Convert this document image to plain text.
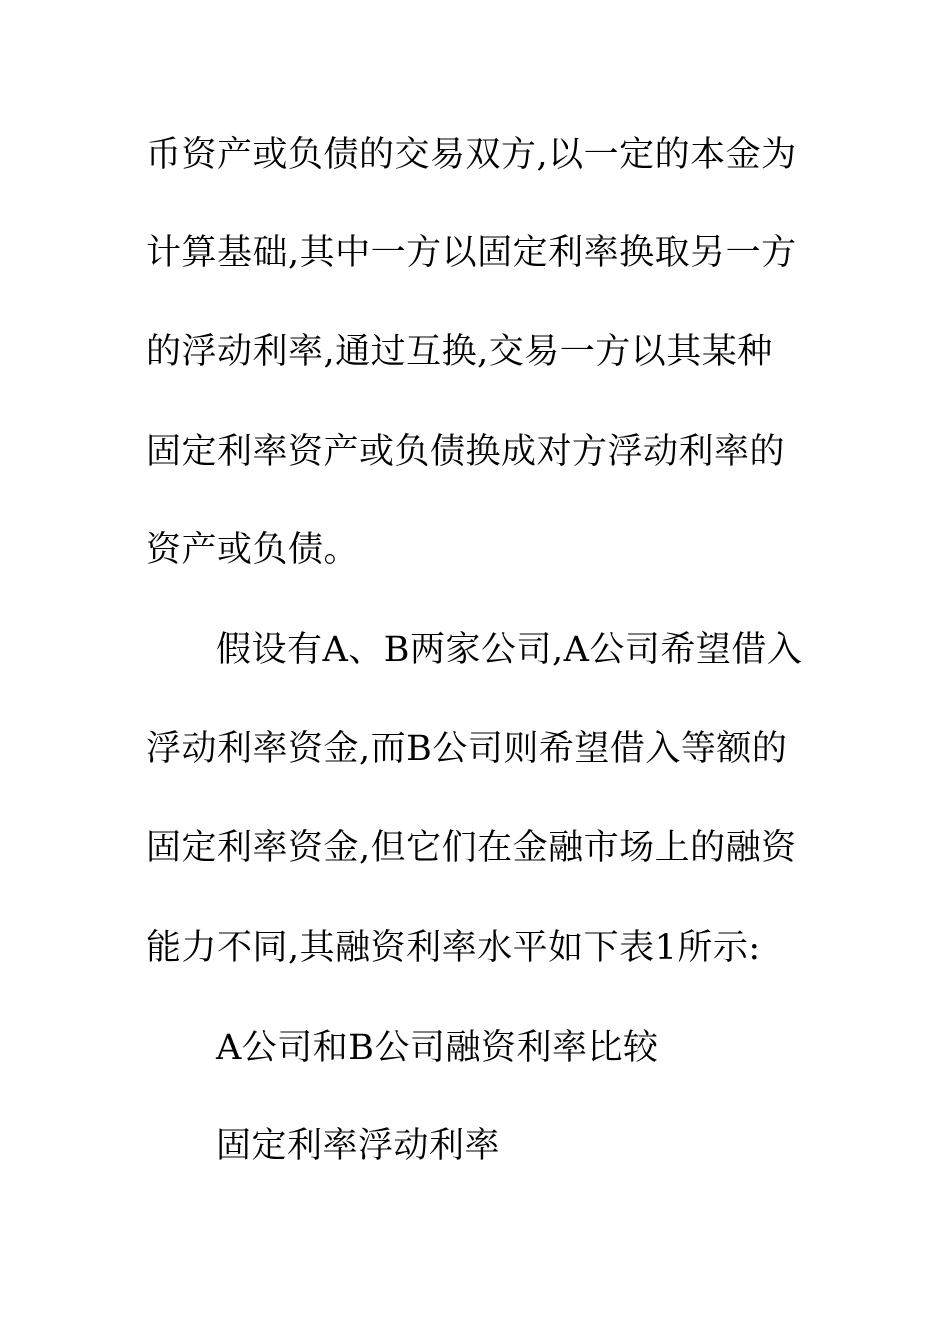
币资产或负债的交易双方,以一定的本金为
计算基础,其中一方以固定利率换取另一方
的浮动利率,通过互换,交易一方以其某种
固定利率资产或负债换成对方浮动利率的
资产或负债。
假设有A、B两家公司,A公司希望借入
浮动利率资金,而B公司则希望借入等额的
固定利率资金,但它们在金融市场上的融资
能力不同,其融资利率水平如下表1所示:
A公司和B公司融资利率比较
固定利率浮动利率
